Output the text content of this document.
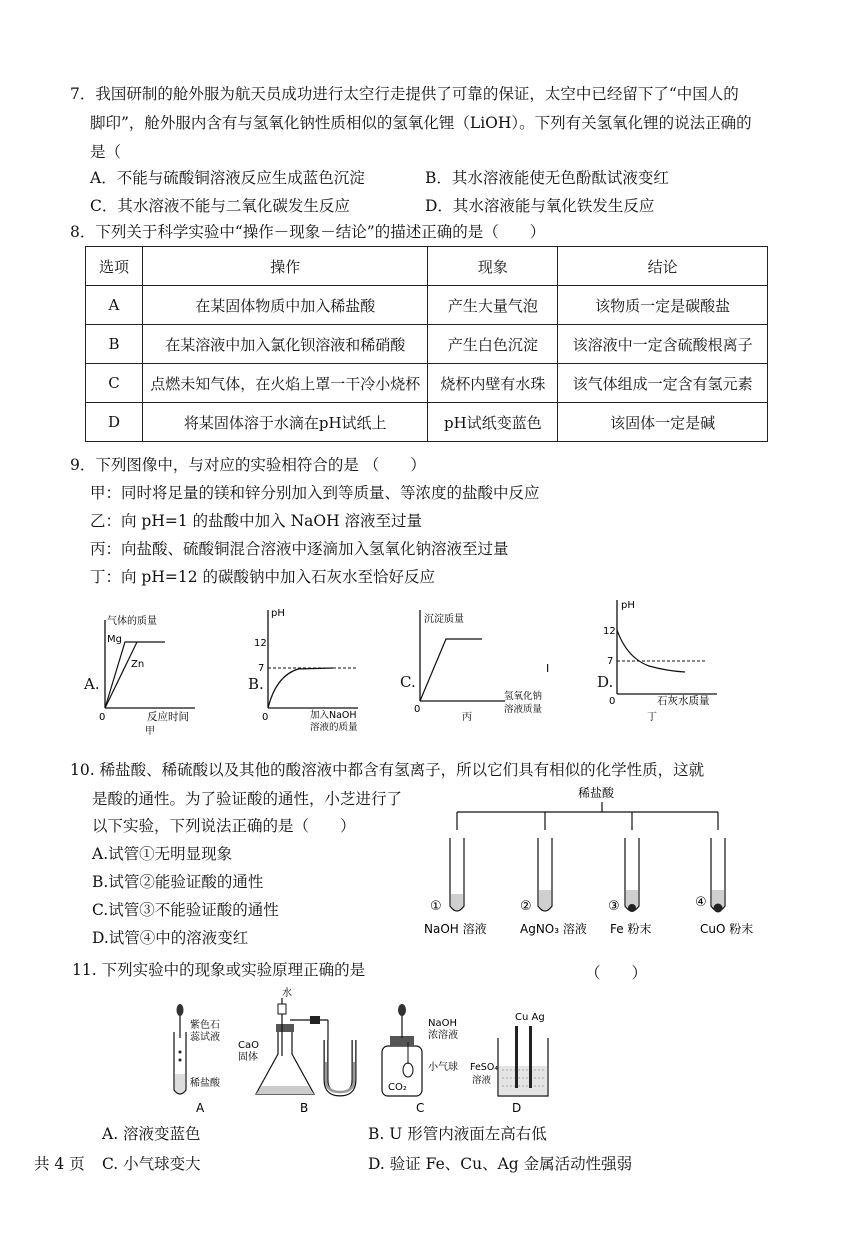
7．我国研制的舱外服为航天员成功进行太空行走提供了可靠的保证，太空中已经留下了“中国人的
脚印”，舱外服内含有与氢氧化钠性质相似的氢氧化锂（LiOH）。下列有关氢氧化锂的说法正确的
是（
A．不能与硫酸铜溶液反应生成蓝色沉淀	B．其水溶液能使无色酚酞试液变红
C．其水溶液不能与二氧化碳发生反应	D．其水溶液能与氧化铁发生反应
8．下列关于科学实验中“操作－现象－结论”的描述正确的是（　　）
选项	操作	现象	结论
A	在某固体物质中加入稀盐酸	产生大量气泡	该物质一定是碳酸盐
B	在某溶液中加入氯化钡溶液和稀硝酸	产生白色沉淀	该溶液中一定含硫酸根离子
C	点燃未知气体，在火焰上罩一干冷小烧杯	烧杯内壁有水珠	该气体组成一定含有氢元素
D	将某固体溶于水滴在pH试纸上	pH试纸变蓝色	该固体一定是碱
9．下列图像中，与对应的实验相符合的是 （　　）
甲：同时将足量的镁和锌分别加入到等质量、等浓度的盐酸中反应
乙：向 pH=1 的盐酸中加入 NaOH 溶液至过量
丙：向盐酸、硫酸铜混合溶液中逐滴加入氢氧化钠溶液至过量
丁：向 pH=12 的碳酸钠中加入石灰水至恰好反应
A.
气体的质量
Mg
Zn
0	反应时间
甲
B.
pH
12
7
0	加入NaOH
溶液的质量
C.
沉淀质量
0
氢氧化钠
溶液质量
丙
I
D.
pH
12
7
0	石灰水质量
丁
10. 稀盐酸、稀硫酸以及其他的酸溶液中都含有氢离子，所以它们具有相似的化学性质，这就
是酸的通性。为了验证酸的通性，小芝进行了
以下实验，下列说法正确的是（　　）
A.试管①无明显现象
B.试管②能验证酸的通性
C.试管③不能验证酸的通性
D.试管④中的溶液变红
稀盐酸
①	②	③	④
NaOH 溶液	AgNO₃ 溶液 Fe 粉末	CuO 粉末
11. 下列实验中的现象或实验原理正确的是	（　　）
紫色石
蕊试液
稀盐酸
A
水
CaO
固体
B
NaOH
浓溶液
小气球
CO₂
C
Cu Ag
FeSO₄
溶液
D
A. 溶液变蓝色	B. U 形管内液面左高右低
共 4 页 C. 小气球变大	D. 验证 Fe、Cu、Ag 金属活动性强弱
